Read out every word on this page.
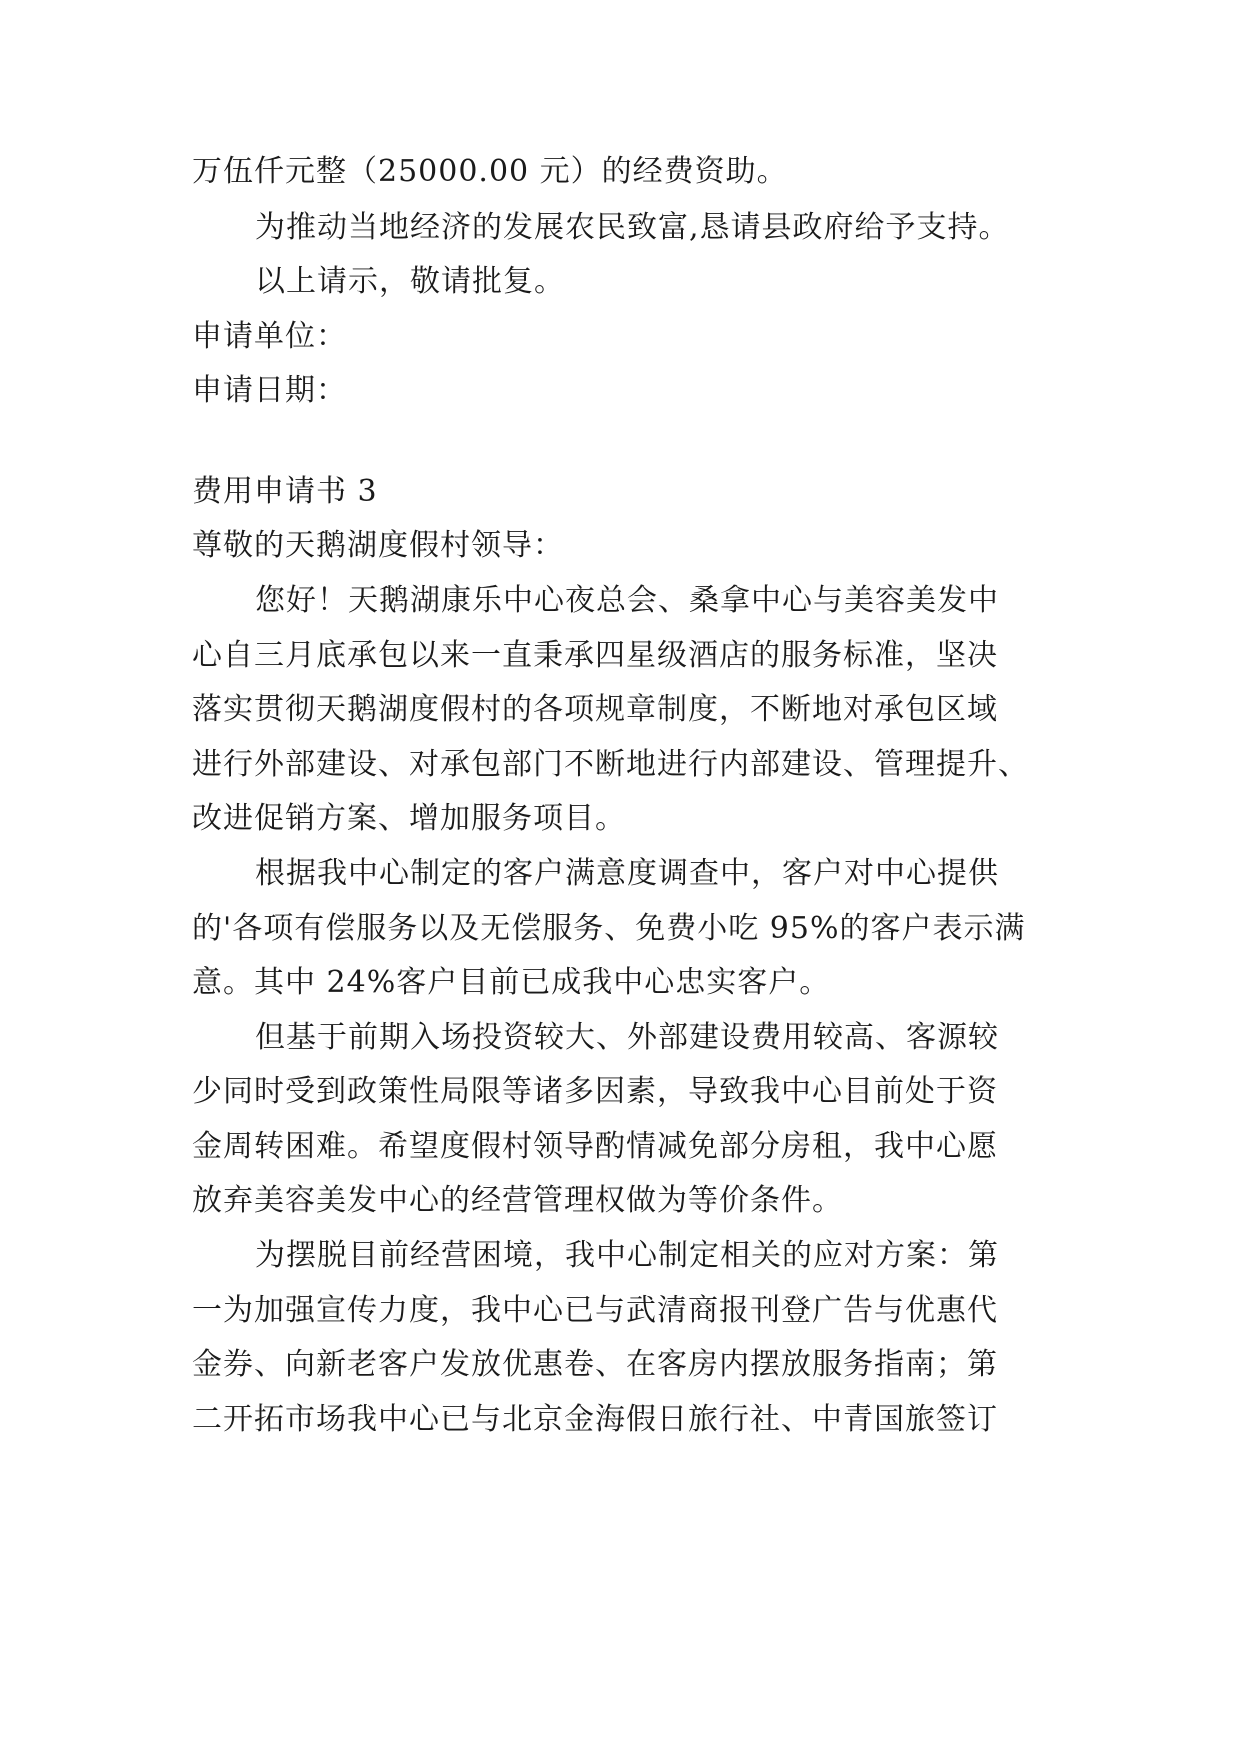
万伍仟元整（25000.00 元）的经费资助。
为推动当地经济的发展农民致富,恳请县政府给予支持。
以上请示，敬请批复。
申请单位：
申请日期：
费用申请书 3
尊敬的天鹅湖度假村领导：
您好！天鹅湖康乐中心夜总会、桑拿中心与美容美发中
心自三月底承包以来一直秉承四星级酒店的服务标准，坚决
落实贯彻天鹅湖度假村的各项规章制度，不断地对承包区域
进行外部建设、对承包部门不断地进行内部建设、管理提升、
改进促销方案、增加服务项目。
根据我中心制定的客户满意度调查中，客户对中心提供
的'各项有偿服务以及无偿服务、免费小吃 95%的客户表示满
意。其中 24%客户目前已成我中心忠实客户。
但基于前期入场投资较大、外部建设费用较高、客源较
少同时受到政策性局限等诸多因素，导致我中心目前处于资
金周转困难。希望度假村领导酌情减免部分房租，我中心愿
放弃美容美发中心的经营管理权做为等价条件。
为摆脱目前经营困境，我中心制定相关的应对方案：第
一为加强宣传力度，我中心已与武清商报刊登广告与优惠代
金券、向新老客户发放优惠卷、在客房内摆放服务指南；第
二开拓市场我中心已与北京金海假日旅行社、中青国旅签订
